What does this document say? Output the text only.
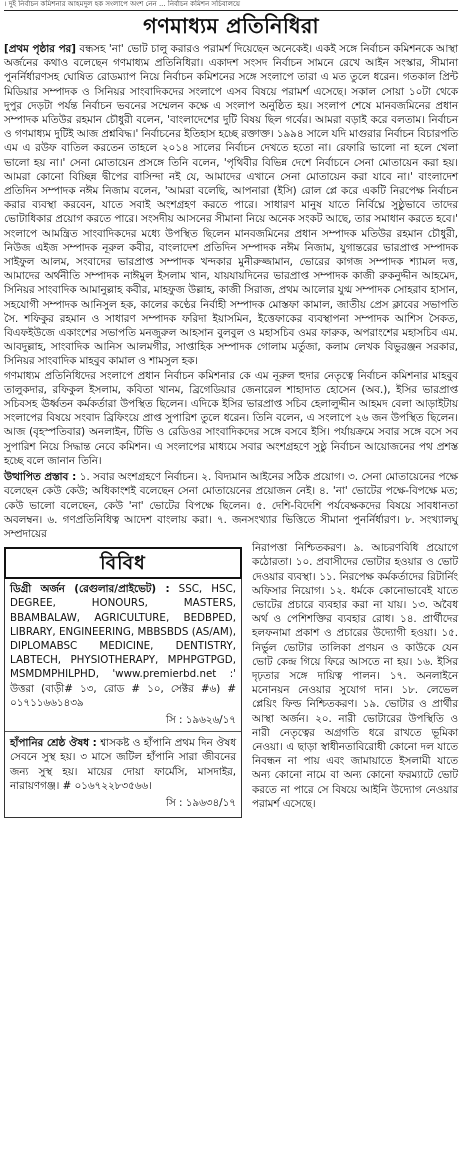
। দুই নির্বাচন কমিশনার আহমদুল হক সংলাপে অংশ নেন ... নির্বাচন কমিশন সচিবালয়ে
গণমাধ্যম প্রতিনিধিরা

[প্রথম পৃষ্ঠার পর] বন্ধসহ 'না' ভোট চালু করারও পরামর্শ দিয়েছেন অনেকেই। একই সঙ্গে নির্বাচন কমিশনকে আস্থা অর্জনের কথাও বলেছেন গণমাধ্যম প্রতিনিধিরা। একাদশ সংসদ নির্বাচন সামনে রেখে আইন সংস্কার, সীমানা পুনর্নির্ধারণসহ ঘোষিত রোডম্যাপ নিয়ে নির্বাচন কমিশনের সঙ্গে সংলাপে তারা এ মত তুলে ধরেন। গতকাল প্রিন্ট মিডিয়ার সম্পাদক ও সিনিয়র সাংবাদিকদের সংলাপে এসব বিষয়ে পরামর্শ এসেছে। সকাল সোয়া ১০টা থেকে দুপুর দেড়টা পর্যন্ত নির্বাচন ভবনের সম্মেলন কক্ষে এ সংলাপ অনুষ্ঠিত হয়। সংলাপ শেষে মানবজমিনের প্রধান সম্পাদক মতিউর রহমান চৌধুরী বলেন, 'বাংলাদেশের দুটি বিষয় ছিল গর্বের। আমরা বড়াই করে বলতাম। নির্বাচন ও গণমাধ্যম দুটিই আজ প্রশ্নবিদ্ধ।' নির্বাচনের ইতিহাস হচ্ছে রক্তাক্ত। ১৯৯৪ সালে যদি মাগুরার নির্বাচন বিচারপতি এম এ রউফ বাতিল করতেন তাহলে ২০১৪ সালের নির্বাচন দেখতে হতো না। রেফারি ভালো না হলে খেলা ভালো হয় না।' সেনা মোতায়েন প্রসঙ্গে তিনি বলেন, 'পৃথিবীর বিভিন্ন দেশে নির্বাচনে সেনা মোতায়েন করা হয়। আমরা কোনো বিচ্ছিন্ন দ্বীপের বাসিন্দা নই যে, আমাদের এখানে সেনা মোতায়েন করা যাবে না।' বাংলাদেশ প্রতিদিন সম্পাদক নঈম নিজাম বলেন, 'আমরা বলেছি, আপনারা (ইসি) রোল প্লে করে একটি নিরপেক্ষ নির্বাচন করার ব্যবস্থা করবেন, যাতে সবাই অংশগ্রহণ করতে পারে। সাধারণ মানুষ যাতে নির্বিঘ্নে সুষ্ঠুভাবে তাদের ভোটাধিকার প্রয়োগ করতে পারে। সংসদীয় আসনের সীমানা নিয়ে অনেক সংকট আছে, তার সমাধান করতে হবে।' সংলাপে আমন্ত্রিত সাংবাদিকদের মধ্যে উপস্থিত ছিলেন মানবজমিনের প্রধান সম্পাদক মতিউর রহমান চৌধুরী, নিউজ এইজ সম্পাদক নূরুল কবীর, বাংলাদেশ প্রতিদিন সম্পাদক নঈম নিজাম, যুগান্তরের ভারপ্রাপ্ত সম্পাদক সাইফুল আলম, সংবাদের ভারপ্রাপ্ত সম্পাদক খন্দকার মুনীরুজ্জামান, ভোরের কাগজ সম্পাদক শ্যামল দত্ত, আমাদের অর্থনীতি সম্পাদক নাঈমুল ইসলাম খান, যায়যায়দিনের ভারপ্রাপ্ত সম্পাদক কাজী রুকনুদ্দীন আহমেদ, সিনিয়র সাংবাদিক আমানুল্লাহ কবীর, মাহফুজ উল্লাহ, কাজী সিরাজ, প্রথম আলোর যুগ্ম সম্পাদক সোহরাব হাসান, সহযোগী সম্পাদক আনিসুল হক, কালের কণ্ঠের নির্বাহী সম্পাদক মোস্তফা কামাল, জাতীয় প্রেস ক্লাবের সভাপতি সৈ. শফিকুর রহমান ও সাধারণ সম্পাদক ফরিদা ইয়াসমিন, ইত্তেফাকের ব্যবস্থাপনা সম্পাদক আশিস সৈকত, বিএফইউজে একাংশের সভাপতি মনজুরুল আহসান বুলবুল ও মহাসচিব ওমর ফারুক, অপরাংশের মহাসচিব এম. আবদুল্লাহ, সাংবাদিক আনিস আলমগীর, সাপ্তাহিক সম্পাদক গোলাম মর্তুজা, কলাম লেখক বিভুরঞ্জন সরকার, সিনিয়র সাংবাদিক মাহবুব কামাল ও শামসুল হক।

গণমাধ্যম প্রতিনিধিদের সংলাপে প্রধান নির্বাচন কমিশনার কে এম নূরুল হুদার নেতৃত্বে নির্বাচন কমিশনার মাহবুব তালুকদার, রফিকুল ইসলাম, কবিতা খানম, ব্রিগেডিয়ার জেনারেল শাহাদাত হোসেন (অব.), ইসির ভারপ্রাপ্ত সচিবসহ ঊর্ধ্বতন কর্মকর্তারা উপস্থিত ছিলেন। এদিকে ইসির ভারপ্রাপ্ত সচিব হেলালুদ্দীন আহমদ বেলা আড়াইটায় সংলাপের বিষয়ে সংবাদ ব্রিফিংয়ে প্রাপ্ত সুপারিশ তুলে ধরেন। তিনি বলেন, এ সংলাপে ২৬ জন উপস্থিত ছিলেন। আজ (বৃহস্পতিবার) অনলাইন, টিভি ও রেডিওর সাংবাদিকদের সঙ্গে বসবে ইসি। পর্যায়ক্রমে সবার সঙ্গে বসে সব সুপারিশ নিয়ে সিদ্ধান্ত নেবে কমিশন। এ সংলাপের মাধ্যমে সবার অংশগ্রহণে সুষ্ঠু নির্বাচন আয়োজনের পথ প্রশস্ত হচ্ছে বলে জানান তিনি।

উত্থাপিত প্রস্তাব : ১. সবার অংশগ্রহণে নির্বাচন। ২. বিদ্যমান আইনের সঠিক প্রয়োগ। ৩. সেনা মোতায়েনের পক্ষে বলেছেন কেউ কেউ; অধিকাংশই বলেছেন সেনা মোতায়েনের প্রয়োজন নেই। ৪. 'না' ভোটের পক্ষে-বিপক্ষে মত; কেউ ভালো বলেছেন, কেউ 'না' ভোটের বিপক্ষে ছিলেন। ৫. দেশি-বিদেশি পর্যবেক্ষকদের বিষয়ে সাবধানতা অবলম্বন। ৬. গণপ্রতিনিধিত্ব আদেশ বাংলায় করা। ৭. জনসংখ্যার ভিত্তিতে সীমানা পুনর্নির্ধারণ। ৮. সংখ্যালঘু সম্প্রদায়ের

বিবিধ

ডিগ্রী অর্জন (রেগুলার/প্রাইভেট) : SSC, HSC, DEGREE, HONOURS, MASTERS, BBAMBALAW, AGRICULTURE, BEDBPED, LIBRARY, ENGINEERING, MBBSBDS (AS/AM), DIPLOMABSC MEDICINE, DENTISTRY, LABTECH, PHYSIOTHERAPY, MPHPGTPGD, MSMDMPHILPHD, 'www.premierbd.net :' উত্তরা (বাড়ী# ১৩, রোড # ১০, সেক্টর #৬) # ০১৭১১৬৬১৪৩৯

সি : ১৯৬২৬/১৭

হাঁপানির শ্রেষ্ঠ ঔষধ : শ্বাসকষ্ট ও হাঁপানি প্রথম দিন ঔষধ সেবনে সুস্থ হয়। ৩ মাসে জটিল হাঁপানি সারা জীবনের জন্য সুস্থ হয়। মায়ের দোয়া ফার্মেসি, মাসদাইর, নারায়ণগঞ্জ। # ০১৬৭২২৮৩৫৬৬।

সি : ১৯৬৩৪/১৭

নিরাপত্তা নিশ্চিতকরণ। ৯. আচরণবিধি প্রয়োগে কঠোরতা। ১০. প্রবাসীদের ভোটার হওয়ার ও ভোট দেওয়ার ব্যবস্থা। ১১. নিরপেক্ষ কর্মকর্তাদের রিটার্নিং অফিসার নিয়োগ। ১২. ধর্মকে কোনোভাবেই যাতে ভোটের প্রচারে ব্যবহার করা না যায়। ১৩. অবৈধ অর্থ ও পেশিশক্তির ব্যবহার রোধ। ১৪. প্রার্থীদের হলফনামা প্রকাশ ও প্রচারের উদ্যোগী হওয়া। ১৫. নির্ভুল ভোটার তালিকা প্রণয়ন ও কাউকে যেন ভোট কেন্দ্র গিয়ে ফিরে আসতে না হয়। ১৬. ইসির দৃঢ়তার সঙ্গে দায়িত্ব পালন। ১৭. অনলাইনে মনোনয়ন নেওয়ার সুযোগ দান। ১৮. লেভেল প্লেয়িং ফিল্ড নিশ্চিতকরণ। ১৯. ভোটার ও প্রার্থীর আস্থা অর্জন। ২০. নারী ভোটারের উপস্থিতি ও নারী নেতৃত্বের অগ্রগতি ধরে রাখতে ভূমিকা নেওয়া। এ ছাড়া স্বাধীনতাবিরোধী কোনো দল যাতে নিবন্ধন না পায় এবং জামায়াতে ইসলামী যাতে অন্য কোনো নামে বা অন্য কোনো ফরম্যাটে ভোট করতে না পারে সে বিষয়ে আইনি উদ্যোগ নেওয়ার পরামর্শ এসেছে।
